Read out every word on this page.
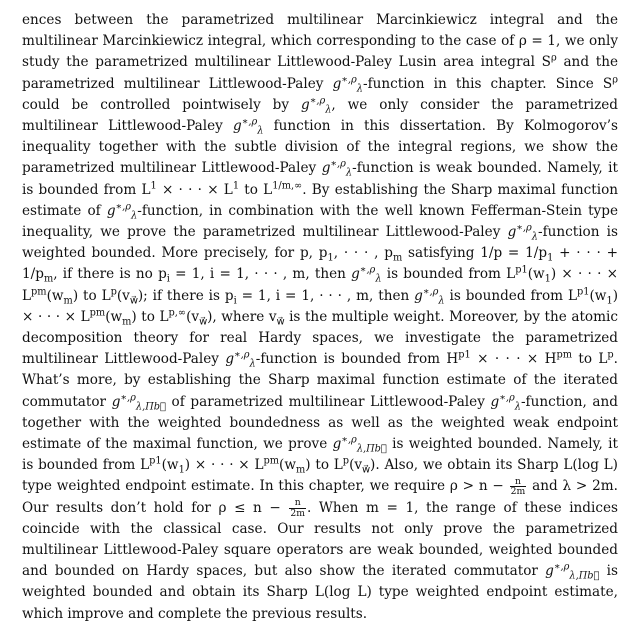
ences between the parametrized multilinear Marcinkiewicz integral and the multilinear Marcinkiewicz integral, which corresponding to the case of ρ = 1, we only study the parametrized multilinear Littlewood-Paley Lusin area integral $S^\rho$ and the parametrized multilinear Littlewood-Paley $g^{∗,\rho}_\lambda$-function in this chapter. Since $S^\rho$ could be controlled pointwisely by $g^{∗,\rho}_\lambda$, we only consider the parametrized multilinear Littlewood-Paley $g^{∗,\rho}_\lambda$ function in this dissertation. By Kolmogorov’s inequality together with the subtle division of the integral regions, we show the parametrized multilinear Littlewood-Paley $g^{∗,\rho}_\lambda$-function is weak bounded. Namely, it is bounded from $L^1$ × · · · × $L^1$ to $L^{1/m,\infty}$. By establishing the Sharp maximal function estimate of $g^{∗,\rho}_\lambda$-function, in combination with the well known Fefferman-Stein type inequality, we prove the parametrized multilinear Littlewood-Paley $g^{∗,\rho}_\lambda$-function is weighted bounded. More precisely, for p, $p_1$, · · · , $p_m$ satisfying $1/p = 1/p_1$ + · · · + $1/p_m$, if there is no $p_i = 1$, i = 1, · · · , m, then $g^{∗,\rho}_\lambda$ is bounded from $L^{p1}(w_1)$ × · · · × $L^{pm}(w_m)$ to $L^p(v_{w⃗})$; if there is $p_i = 1$, i = 1, · · · , m, then $g^{∗,\rho}_\lambda$ is bounded from $L^{p1}(w_1)$ × · · · × $L^{pm}(w_m)$ to $L^{p,\infty}(v_{w⃗})$, where $v_{w⃗}$ is the multiple weight. Moreover, by the atomic decomposition theory for real Hardy spaces, we investigate the parametrized multilinear Littlewood-Paley $g^{∗,\rho}_\lambda$-function is bounded from $H^{p1}$ × · · · × $H^{pm}$ to $L^p$. What’s more, by establishing the Sharp maximal function estimate of the iterated commutator $g^{∗,\rho}_{\lambda,\Pi b⃗}$ of parametrized multilinear Littlewood-Paley $g^{∗,\rho}_\lambda$-function, and together with the weighted boundedness as well as the weighted weak endpoint estimate of the maximal function, we prove $g^{∗,\rho}_{\lambda,\Pi b⃗}$ is weighted bounded. Namely, it is bounded from $L^{p1}(w_1)$ × · · · × $L^{pm}(w_m)$ to $L^p(v_{w⃗})$. Also, we obtain its Sharp L(log L) type weighted endpoint estimate. In this chapter, we require $\rho > n - \frac{n}{2m}$ and λ > 2m. Our results don’t hold for $\rho \le n - \frac{n}{2m}$ . When m = 1, the range of these indices coincide with the classical case. Our results not only prove the parametrized multilinear Littlewood-Paley square operators are weak bounded, weighted bounded and bounded on Hardy spaces, but also show the iterated commutator $g^{∗,\rho}_{\lambda,\Pi b⃗}$ is weighted bounded and obtain its Sharp L(log L) type weighted endpoint estimate, which improve and complete the previous results.
